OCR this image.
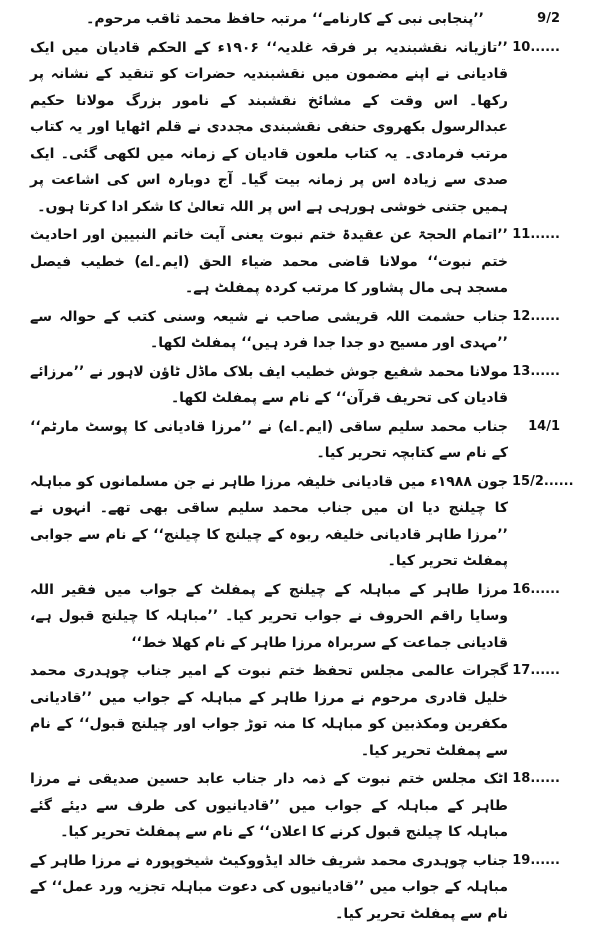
9/2
’’پنجابی نبی کے کارنامے‘‘ مرتبہ حافظ محمد ثاقب مرحوم۔
10......
’’تازیانہ نقشبندیہ بر فرقہ غلدیہ‘‘ ۱۹۰۶ء کے الحکم قادیان میں ایک قادیانی نے اپنے مضمون میں نقشبندیہ حضرات کو تنقید کے نشانہ پر رکھا۔ اس وقت کے مشائخ نقشبند کے نامور بزرگ مولانا حکیم عبدالرسول بکھروی حنفی نقشبندی مجددی نے قلم اٹھایا اور یہ کتاب مرتب فرمادی۔ یہ کتاب ملعون قادیان کے زمانہ میں لکھی گئی۔ ایک صدی سے زیادہ اس پر زمانہ بیت گیا۔ آج دوبارہ اس کی اشاعت پر ہمیں جتنی خوشی ہورہی ہے اس پر اللہ تعالیٰ کا شکر ادا کرتا ہوں۔
11......
’’اتمام الحجۃ عن عقیدۃ ختم نبوت یعنی آیت خاتم النبیین اور احادیث ختم نبوت‘‘ مولانا قاضی محمد ضیاء الحق (ایم۔اے) خطیب فیصل مسجد ہی مال پشاور کا مرتب کردہ پمفلٹ ہے۔
12......
جناب حشمت اللہ قریشی صاحب نے شیعہ وسنی کتب کے حوالہ سے ’’مہدی اور مسیح دو جدا جدا فرد ہیں‘‘ پمفلٹ لکھا۔
13......
مولانا محمد شفیع جوش خطیب ایف بلاک ماڈل ٹاؤن لاہور نے ’’مرزائے قادیان کی تحریف قرآن‘‘ کے نام سے پمفلٹ لکھا۔
14/1
جناب محمد سلیم ساقی (ایم۔اے) نے ’’مرزا قادیانی کا پوسٹ مارٹم‘‘ کے نام سے کتابچہ تحریر کیا۔
15/2......
جون ۱۹۸۸ء میں قادیانی خلیفہ مرزا طاہر نے جن مسلمانوں کو مباہلہ کا چیلنج دیا ان میں جناب محمد سلیم ساقی بھی تھے۔ انہوں نے ’’مرزا طاہر قادیانی خلیفہ ربوہ کے چیلنج کا چیلنج‘‘ کے نام سے جوابی پمفلٹ تحریر کیا۔
16......
مرزا طاہر کے مباہلہ کے چیلنج کے پمفلٹ کے جواب میں فقیر اللہ وسایا راقم الحروف نے جواب تحریر کیا۔ ’’مباہلہ کا چیلنج قبول ہے، قادیانی جماعت کے سربراہ مرزا طاہر کے نام کھلا خط‘‘
17......
گجرات عالمی مجلس تحفظ ختم نبوت کے امیر جناب چوہدری محمد خلیل قادری مرحوم نے مرزا طاہر کے مباہلہ کے جواب میں ’’قادیانی مکفرین ومکذبین کو مباہلہ کا منہ توڑ جواب اور چیلنج قبول‘‘ کے نام سے پمفلٹ تحریر کیا۔
18......
اٹک مجلس ختم نبوت کے ذمہ دار جناب عابد حسین صدیقی نے مرزا طاہر کے مباہلہ کے جواب میں ’’قادیانیوں کی طرف سے دیئے گئے مباہلہ کا چیلنج قبول کرنے کا اعلان‘‘ کے نام سے پمفلٹ تحریر کیا۔
19......
جناب چوہدری محمد شریف خالد ایڈووکیٹ شیخوپورہ نے مرزا طاہر کے مباہلہ کے جواب میں ’’قادیانیوں کی دعوت مباہلہ تجزیہ ورد عمل‘‘ کے نام سے پمفلٹ تحریر کیا۔
